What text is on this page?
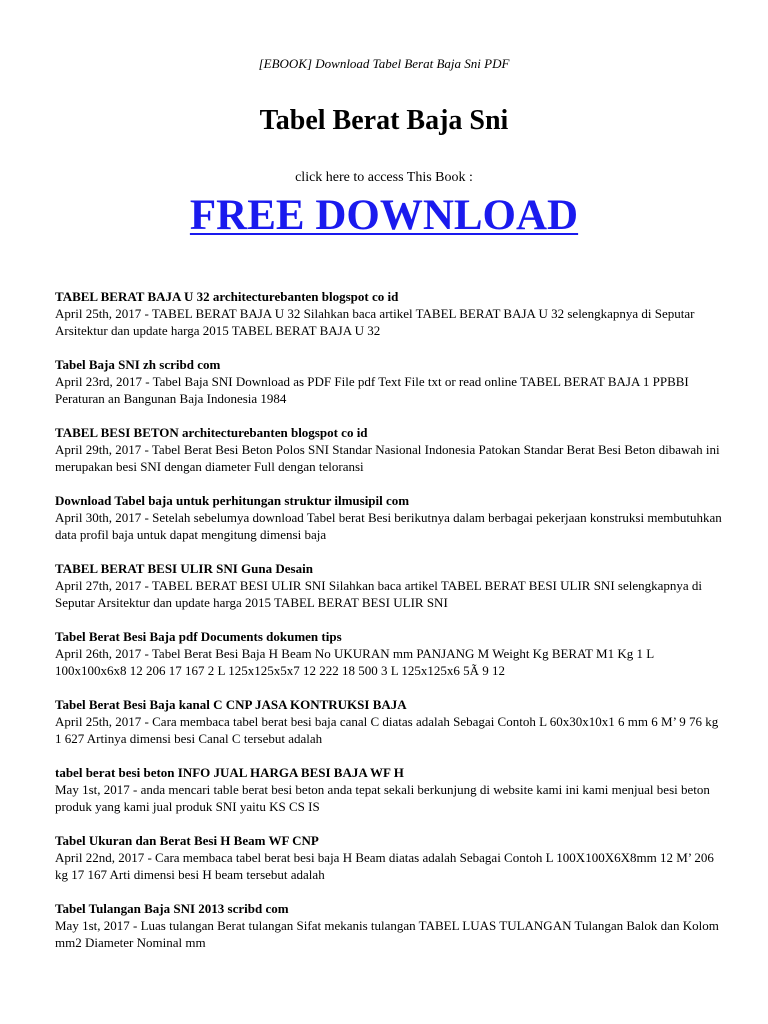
[EBOOK] Download Tabel Berat Baja Sni PDF
Tabel Berat Baja Sni
click here to access This Book :
FREE DOWNLOAD
TABEL BERAT BAJA U 32 architecturebanten blogspot co id
April 25th, 2017 - TABEL BERAT BAJA U 32 Silahkan baca artikel TABEL BERAT BAJA U 32 selengkapnya di Seputar Arsitektur dan update harga 2015 TABEL BERAT BAJA U 32
Tabel Baja SNI zh scribd com
April 23rd, 2017 - Tabel Baja SNI Download as PDF File pdf Text File txt or read online TABEL BERAT BAJA 1 PPBBI Peraturan an Bangunan Baja Indonesia 1984
TABEL BESI BETON architecturebanten blogspot co id
April 29th, 2017 - Tabel Berat Besi Beton Polos SNI Standar Nasional Indonesia Patokan Standar Berat Besi Beton dibawah ini merupakan besi SNI dengan diameter Full dengan teloransi
Download Tabel baja untuk perhitungan struktur ilmusipil com
April 30th, 2017 - Setelah sebelumya download Tabel berat Besi berikutnya dalam berbagai pekerjaan konstruksi membutuhkan data profil baja untuk dapat mengitung dimensi baja
TABEL BERAT BESI ULIR SNI Guna Desain
April 27th, 2017 - TABEL BERAT BESI ULIR SNI Silahkan baca artikel TABEL BERAT BESI ULIR SNI selengkapnya di Seputar Arsitektur dan update harga 2015 TABEL BERAT BESI ULIR SNI
Tabel Berat Besi Baja pdf Documents dokumen tips
April 26th, 2017 - Tabel Berat Besi Baja H Beam No UKURAN mm PANJANG M Weight Kg BERAT M1 Kg 1 L 100x100x6x8 12 206 17 167 2 L 125x125x5x7 12 222 18 500 3 L 125x125x6 5Ã 9 12
Tabel Berat Besi Baja kanal C CNP JASA KONTRUKSI BAJA
April 25th, 2017 - Cara membaca tabel berat besi baja canal C diatas adalah Sebagai Contoh L 60x30x10x1 6 mm 6 M’ 9 76 kg 1 627 Artinya dimensi besi Canal C tersebut adalah
tabel berat besi beton INFO JUAL HARGA BESI BAJA WF H
May 1st, 2017 - anda mencari table berat besi beton anda tepat sekali berkunjung di website kami ini kami menjual besi beton produk yang kami jual produk SNI yaitu KS CS IS
Tabel Ukuran dan Berat Besi H Beam WF CNP
April 22nd, 2017 - Cara membaca tabel berat besi baja H Beam diatas adalah Sebagai Contoh L 100X100X6X8mm 12 M’ 206 kg 17 167 Arti dimensi besi H beam tersebut adalah
Tabel Tulangan Baja SNI 2013 scribd com
May 1st, 2017 - Luas tulangan Berat tulangan Sifat mekanis tulangan TABEL LUAS TULANGAN Tulangan Balok dan Kolom mm2 Diameter Nominal mm
